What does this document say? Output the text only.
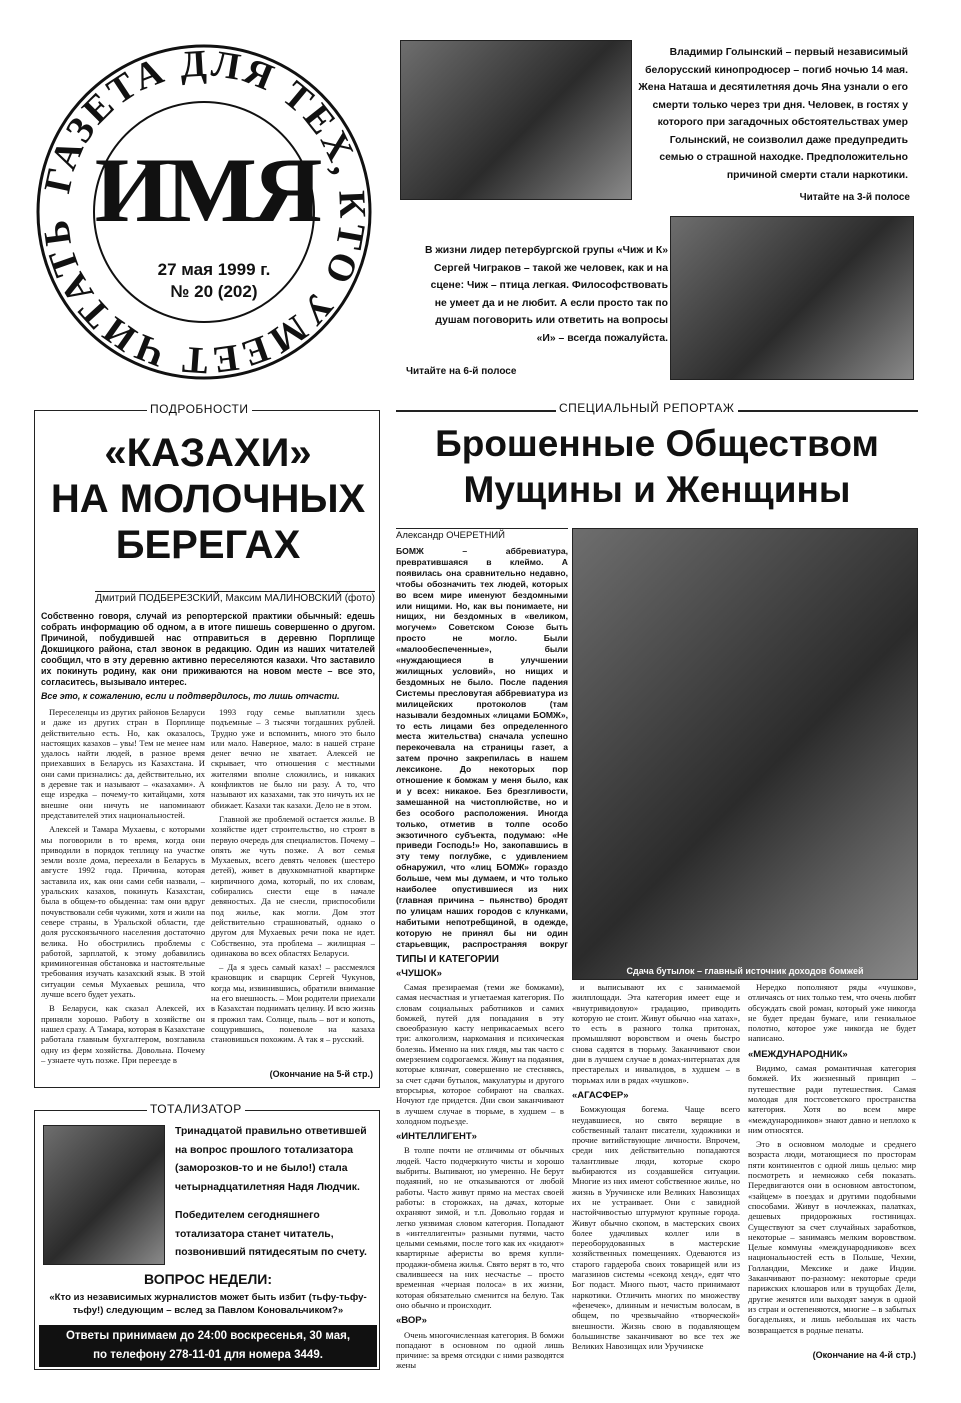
ГАЗЕТА ДЛЯ ТЕХ, КТО УМЕЕТ ЧИТАТЬ ИМЯ
27 мая 1999 г.
№ 20 (202)
Владимир Голынский – первый независимый белорусский кинопродюсер – погиб ночью 14 мая. Жена Наташа и десятилетняя дочь Яна узнали о его смерти только через три дня. Человек, в гостях у которого при загадочных обстоятельствах умер Голынский, не соизволил даже предупредить семью о страшной находке. Предположительно причиной смерти стали наркотики.
Читайте на 3-й полосе
В жизни лидер петербургской групы «Чиж и К» Сергей Чиграков – такой же человек, как и на сцене: Чиж – птица легкая. Философствовать не умеет да и не любит. А если просто так по душам поговорить или ответить на вопросы «И» – всегда пожалуйста.
Читайте на 6-й полосе
ПОДРОБНОСТИ
«КАЗАХИ»
НА МОЛОЧНЫХ
БЕРЕГАХ
Дмитрий ПОДБЕРЕЗСКИЙ, Максим МАЛИНОВСКИЙ (фото)
Собственно говоря, случай из репортерской практики обычный: едешь собрать информацию об одном, а в итоге пишешь совершенно о другом. Причиной, побудившей нас отправиться в деревню Порплище Докшицкого района, стал звонок в редакцию. Один из наших читателей сообщил, что в эту деревню активно переселяются казахи. Что заставило их покинуть родину, как они приживаются на новом месте – все это, согласитесь, вызывало интерес.
Все это, к сожалению, если и подтвердилось, то лишь отчасти.

Переселенцы из других районов Беларуси и даже из других стран в Порплище действительно есть. Но, как оказалось, настоящих казахов – увы! Тем не менее нам удалось найти людей, в разное время приехавших в Беларусь из Казахстана. И они сами признались: да, действительно, их в деревне так и называют – «казахами». А еще изредка – почему-то китайцами, хотя внешне они ничуть не напоминают представителей этих национальностей.

Алексей и Тамара Мухаевы, с которыми мы поговорили в то время, когда они приводили в порядок теплицу на участке земли возле дома, переехали в Беларусь в августе 1992 года. Причина, которая заставила их, как они сами себя назвали, – уральских казахов, покинуть Казахстан, была в общем-то обыденна: там они вдруг почувствовали себя чужими, хотя и жили на севере страны, в Уральской области, где доля русскоязычного населения достаточно велика. Но обострились проблемы с работой, зарплатой, к этому добавились криминогенная обстановка и настоятельные требования изучать казахский язык. В этой ситуации семья Мухаевых решила, что лучше всего будет уехать.

В Беларуси, как сказал Алексей, их приняли хорошо. Работу в хозяйстве он нашел сразу. А Тамара, которая в Казахстане работала главным бухгалтером, возглавила одну из ферм хозяйства. Довольна. Почему – узнаете чуть позже. При переезде в

1993 году семье выплатили здесь подъемные – 3 тысячи тогдашних рублей. Трудно уже и вспомнить, много это было или мало. Наверное, мало: в нашей стране денег вечно не хватает. Алексей не скрывает, что отношения с местными жителями вполне сложились, и никаких конфликтов не было ни разу. А то, что называют их казахами, так это ничуть их не обижает. Казахи так казахи. Дело не в этом.

Главной же проблемой остается жилье. В хозяйстве идет строительство, но строят в первую очередь для специалистов. Почему – опять же чуть позже. А вот семья Мухаевых, всего девять человек (шестеро детей), живет в двухкомнатной квартирке кирпичного дома, который, по их словам, собирались снести еще в начале девяностых. Да не снесли, приспособили под жилье, как могли. Дом этот действительно страшноватый, однако о другом для Мухаевых речи пока не идет. Собственно, эта проблема – жилищная – одинакова во всех областях Беларуси.

– Да я здесь самый казах! – рассмеялся крановщик и сварщик Сергей Чукунов, когда мы, извинившись, обратили внимание на его внешность. – Мои родители приехали в Казахстан поднимать целину. И всю жизнь я прожил там. Солнце, пыль – вот и копоть, сощурившись, поневоле на казаха становишься похожим. А так я – русский.

(Окончание на 5-й стр.)
ТОТАЛИЗАТОР
Тринадцатой правильно ответившей на вопрос прошлого тотализатора (заморозков-то и не было!) стала четырнадцатилетняя Надя Людчик.
Победителем сегодняшнего тотализатора станет читатель, позвонивший пятидесятым по счету.
ВОПРОС НЕДЕЛИ:
«Кто из независимых журналистов может быть избит (тьфу-тьфу-тьфу!) следующим – вслед за Павлом Коновальчиком?»
Ответы принимаем до 24:00 воскресенья, 30 мая,
по телефону 278-11-01 для номера 3449.
СПЕЦИАЛЬНЫЙ РЕПОРТАЖ
Брошенные Обществом
Мущины и Женщины
Александр ОЧЕРЕТНИЙ
БОМЖ – аббревиатура, превратившаяся в клеймо. А появилась она сравнительно недавно, чтобы обозначить тех людей, которых во всем мире именуют бездомными или нищими. Но, как вы понимаете, ни нищих, ни бездомных в «великом, могучем» Советском Союзе быть просто не могло. Были «малообеспеченные», были «нуждающиеся в улучшении жилищных условий», но нищих и бездомных не было. После падения Системы пресловутая аббревиатура из милицейских протоколов (там называли бездомных «лицами БОМЖ», то есть лицами без определенного места жительства) сначала успешно перекочевала на страницы газет, а затем прочно закрепилась в нашем лексиконе. До некоторых пор отношение к бомжам у меня было, как и у всех: никакое. Без брезгливости, замешанной на чистоплюйстве, но и без особого расположения. Иногда только, отметив в толпе особо экзотичного субъекта, подумаю: «Не приведи Господь!» Но, закопавшись в эту тему поглубже, с удивлением обнаружил, что «лиц БОМЖ» гораздо больше, чем мы думаем, и что только наиболее опустившиеся из них (главная причина – пьянство) бродят по улицам наших городов с клунками, набитыми непотребщиной, в одежде, которую не принял бы ни один старьевщик, распространяя вокруг
ТИПЫ И КАТЕГОРИИ
«ЧУШОК»	Сдача бутылок – главный источник доходов бомжей

Самая презираемая (теми же бомжами), самая несчастная и угнетаемая категория. По словам социальных работников и самих бомжей, путей для попадания в эту своеобразную касту неприкасаемых всего три: алкоголизм, наркомания и психическая болезнь. Именно на них глядя, мы так часто с омерзением содрогаемся. Живут на подаяния, которые клянчат, совершенно не стесняясь, за счет сдачи бутылок, макулатуры и другого вторсырья, которое собирают на свалках. Ночуют где придется. Дни свои заканчивают в лучшем случае в тюрьме, в худшем – в холодном подъезде.

«ИНТЕЛЛИГЕНТ»

В толпе почти не отличимы от обычных людей. Часто подчеркнуто чисты и хорошо выбриты. Выпивают, но умеренно. Не берут подаяний, но не отказываются от любой работы. Часто живут прямо на местах своей работы: в сторожках, на дачах, которые охраняют зимой, и т.п. Довольно гордая и легко уязвимая словом категория. Попадают в «интеллигенты» разными путями, часто целыми семьями, после того как их «кидают» квартирные аферисты во время купли-продажи-обмена жилья. Свято верят в то, что свалившееся на них несчастье – просто временная «черная полоса» в их жизни, которая обязательно сменится на белую. Так оно обычно и происходит.

«ВОР»

Очень многочисленная категория. В бомжи попадают в основном по одной лишь причине: за время отсидки с ними разводятся жены

и выписывают их с занимаемой жилплощади. Эта категория имеет еще и «внутривидовую» градацию, приводить которую не стоит. Живут обычно «на хатах», то есть в разного толка притонах, промышляют воровством и очень быстро снова садятся в тюрьму. Заканчивают свои дни в лучшем случае в домах-интернатах для престарелых и инвалидов, в худшем – в тюрьмах или в рядах «чушков».

«АГАСФЕР»

Бомжующая богема. Чаще всего неудавшиеся, но свято верящие в собственный талант писатели, художники и прочие витийствующие личности. Впрочем, среди них действительно попадаются талантливые люди, которые скоро выбираются из создавшейся ситуации. Многие из них имеют собственное жилье, но жизнь в Уручинске или Великих Навозищах их не устраивает. Они с завидной настойчивостью штурмуют крупные города. Живут обычно скопом, в мастерских своих более удачливых коллег или в переоборудованных в мастерские хозяйственных помещениях. Одеваются из старого гардероба своих товарищей или из магазинов системы «секонд хенд», едят что Бог подаст. Много пьют, часто принимают наркотики. Отличить многих по множеству «фенечек», длинным и нечистым волосам, в общем, по чрезвычайно «творческой» внешности. Жизнь свою в подавляющем большинстве заканчивают во все тех же Великих Навозищах или Уручинске

Нередко пополняют ряды «чушков», отличаясь от них только тем, что очень любят обсуждать свой роман, который уже никогда не будет предан бумаге, или гениальное полотно, которое уже никогда не будет написано.

«МЕЖДУНАРОДНИК»

Видимо, самая романтичная категория бомжей. Их жизненный принцип – путешествие ради путешествия. Самая молодая для постсоветского пространства категория. Хотя во всем мире «международников» знают давно и неплохо к ним относятся.

Это в основном молодые и среднего возраста люди, мотающиеся по просторам пяти континентов с одной лишь целью: мир посмотреть и немножко себя показать. Передвигаются они в основном автостопом, «зайцем» в поездах и другими подобными способами. Живут в ночлежках, палатках, дешевых придорожных гостиницах. Существуют за счет случайных заработков, некоторые – занимаясь мелким воровством. Целые коммуны «международников» всех национальностей есть в Польше, Чехии, Голландии, Мексике и даже Индии. Заканчивают по-разному: некоторые среди парижских клошаров или в трущобах Дели, другие женятся или выходят замуж в одной из стран и остепеняются, многие – в забытых богадельнях, и лишь небольшая их часть возвращается в родные пенаты.

(Окончание на 4-й стр.)
